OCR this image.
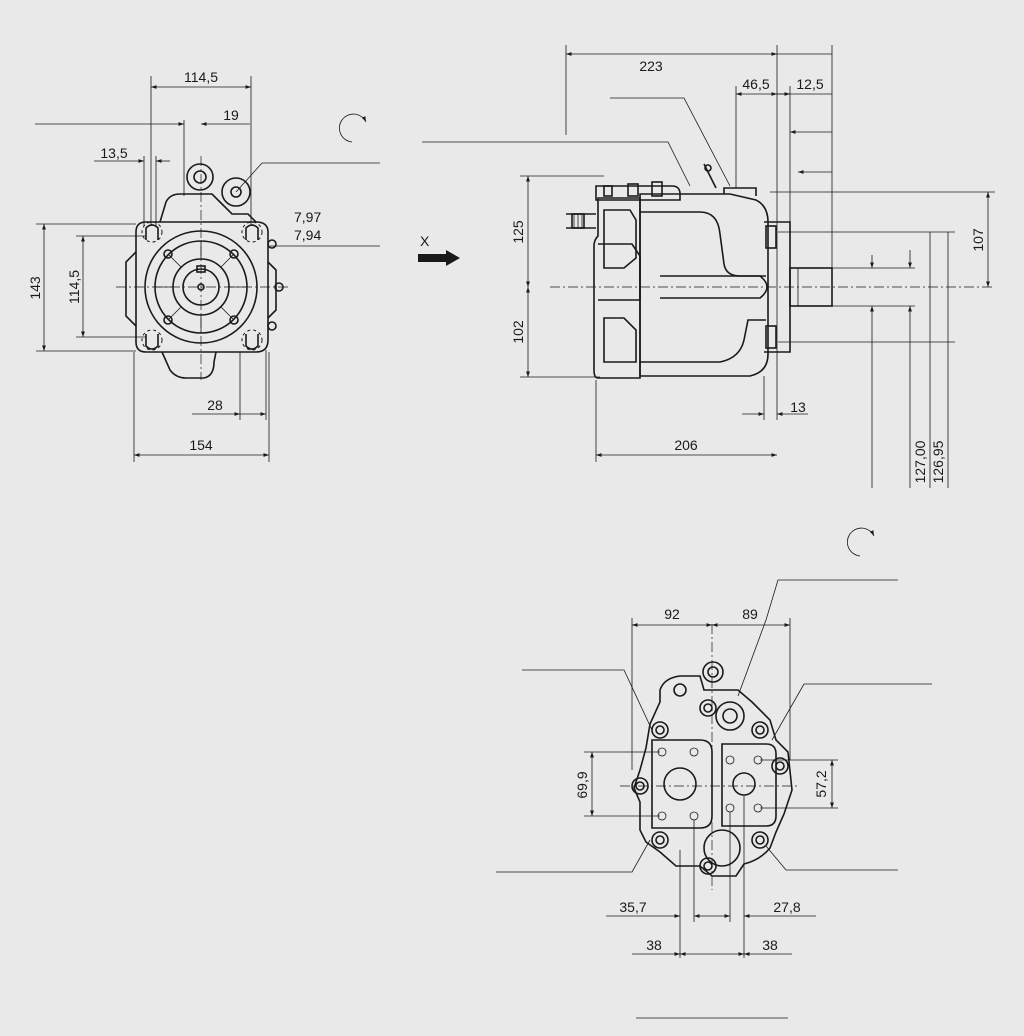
114,5
19
13,5
7,97
7,94
143 114,5
28
154
X
223
46,5 12,5
125
102
107
127,00 126,95
13
206
92	89
69,9	57,2
35,7	27,8
38	38
